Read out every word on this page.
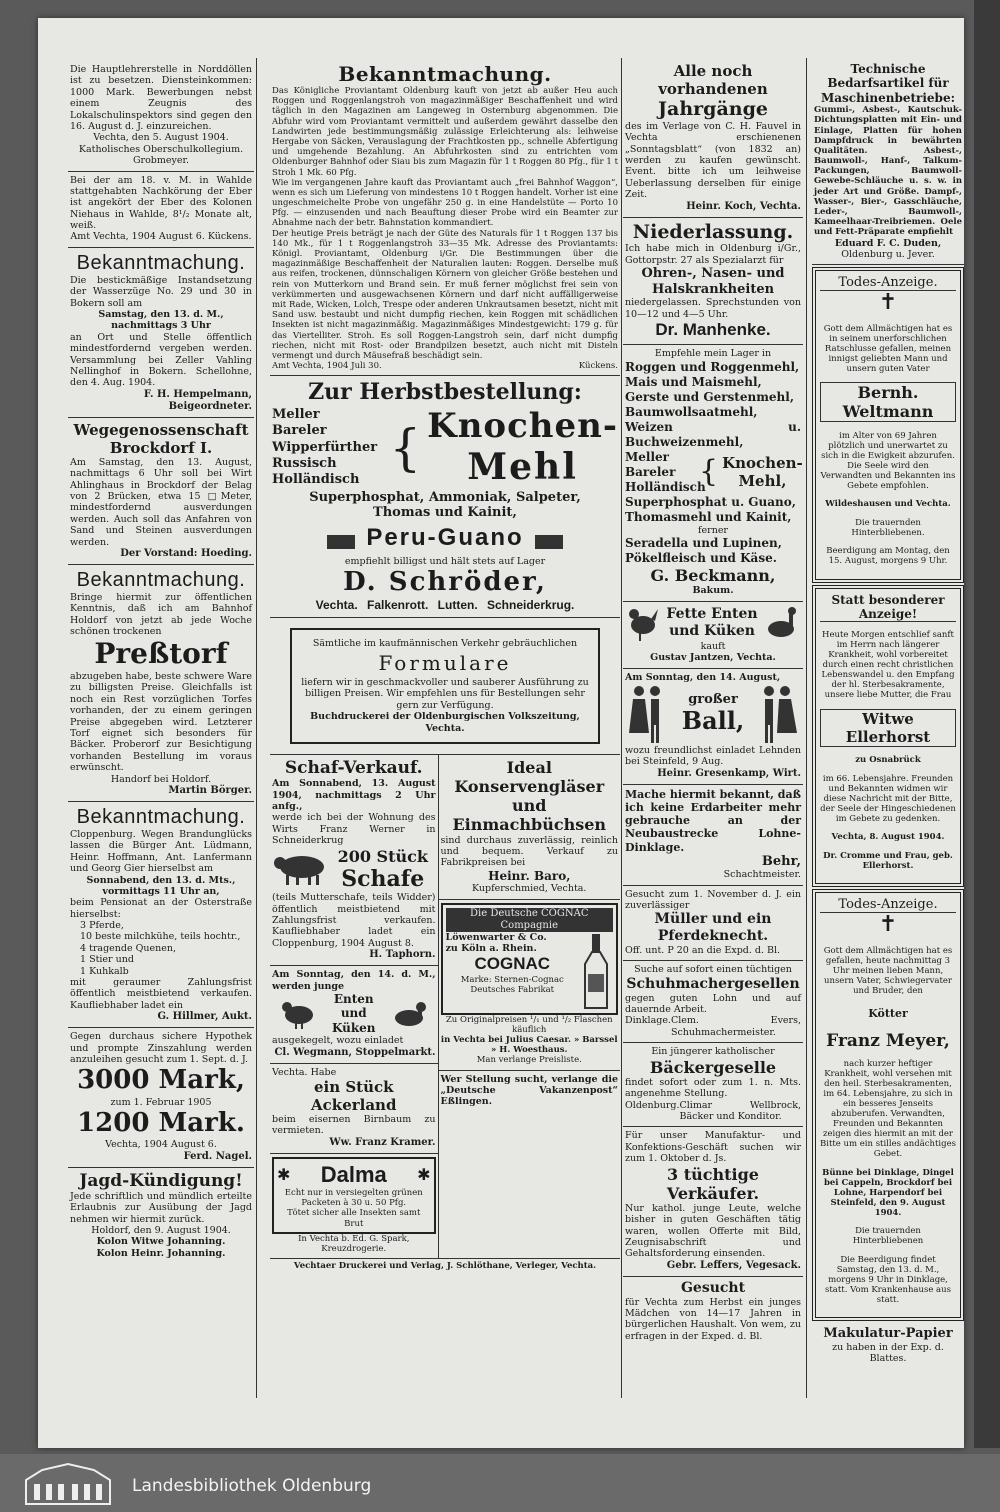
Die Hauptlehrerstelle in Norddöllen ist zu besetzen. Diensteinkommen: 1000 Mark. Bewerbungen nebst einem Zeugnis des Lokalschulinspektors sind gegen den 16. August d. J. einzureichen.

Vechta, den 5. August 1904.

Katholisches Oberschulkollegium. Grobmeyer.

Bei der am 18. v. M. in Wahlde stattgehabten Nachkörung der Eber ist angekört der Eber des Kolonen Niehaus in Wahlde, 8¹/₂ Monate alt, weiß.

Amt Vechta, 1904 August 6. Kückens.

Bekanntmachung.

Die bestickmäßige Instandsetzung der Wasserzüge No. 29 und 30 in Bokern soll am

Samstag, den 13. d. M., nachmittags 3 Uhr

an Ort und Stelle öffentlich mindestfordernd vergeben werden. Versammlung bei Zeller Vahling Nellinghof in Bokern. Schellohne, den 4. Aug. 1904.

F. H. Hempelmann, Beigeordneter.

Wegegenossenschaft Brockdorf I.

Am Samstag, den 13. August, nachmittags 6 Uhr soll bei Wirt Ahlinghaus in Brockdorf der Belag von 2 Brücken, etwa 15 □Meter, mindestfordernd ausverdungen werden. Auch soll das Anfahren von Sand und Steinen ausverdungen werden.

Der Vorstand: Hoeding.

Bekanntmachung.

Bringe hiermit zur öffentlichen Kenntnis, daß ich am Bahnhof Holdorf von jetzt ab jede Woche schönen trockenen

Preßtorf

abzugeben habe, beste schwere Ware zu billigsten Preise. Gleichfalls ist noch ein Rest vorzüglichen Torfes vorhanden, der zu einem geringen Preise abgegeben wird. Letzterer Torf eignet sich besonders für Bäcker. Proberorf zur Besichtigung vorhanden Bestellung im voraus erwünscht.

Handorf bei Holdorf.

Martin Börger.

Bekanntmachung.

Cloppenburg. Wegen Brandunglücks lassen die Bürger Ant. Lüdmann, Heinr. Hoffmann, Ant. Lanfermann und Georg Gier hierselbst am

Sonnabend, den 13. d. Mts., vormittags 11 Uhr an,

beim Pensionat an der Osterstraße hierselbst:

3 Pferde,

10 beste milchkühe, teils hochtr.,

4 tragende Quenen,

1 Stier und

1 Kuhkalb

mit geraumer Zahlungsfrist öffentlich meistbietend verkaufen. Kaufliebhaber ladet ein

G. Hillmer, Aukt.

Gegen durchaus sichere Hypothek und prompte Zinszahlung werden anzuleihen gesucht zum 1. Sept. d. J.

3000 Mark,

zum 1. Februar 1905

1200 Mark.

Vechta, 1904 August 6.

Ferd. Nagel.

Jagd-Kündigung!

Jede schriftlich und mündlich erteilte Erlaubnis zur Ausübung der Jagd nehmen wir hiermit zurück.

Holdorf, den 9. August 1904.

Kolon Witwe Johanning.

Kolon Heinr. Johanning.

Bekanntmachung.

Das Königliche Proviantamt Oldenburg kauft von jetzt ab außer Heu auch Roggen und Roggenlangstroh von magazinmäßiger Beschaffenheit und wird täglich in den Magazinen am Langeweg in Osternburg abgenommen. Die Abfuhr wird vom Proviantamt vermittelt und außerdem gewährt dasselbe den Landwirten jede bestimmungsmäßig zulässige Erleichterung als: leihweise Hergabe von Säcken, Verauslagung der Frachtkosten pp., schnelle Abfertigung und umgehende Bezahlung. An Abfuhrkosten sind zu entrichten vom Oldenburger Bahnhof oder Siau bis zum Magazin für 1 t Roggen 80 Pfg., für 1 t Stroh 1 Mk. 60 Pfg.

Wie im vergangenen Jahre kauft das Proviantamt auch „frei Bahnhof Waggon“, wenn es sich um Lieferung von mindestens 10 t Roggen handelt. Vorher ist eine ungeschmeichelte Probe von ungefähr 250 g. in eine Handelstüte — Porto 10 Pfg. — einzusenden und nach Beauftung dieser Probe wird ein Beamter zur Abnahme nach der betr. Bahnstation kommandiert.

Der heutige Preis beträgt je nach der Güte des Naturals für 1 t Roggen 137 bis 140 Mk., für 1 t Roggenlangstroh 33—35 Mk. Adresse des Proviantamts: Königl. Proviantamt, Oldenburg i/Gr. Die Bestimmungen über die magazinmäßige Beschaffenheit der Naturalien lauten: Roggen. Derselbe muß aus reifen, trockenen, dünnschaligen Körnern von gleicher Größe bestehen und rein von Mutterkorn und Brand sein. Er muß ferner möglichst frei sein von verkümmerten und ausgewachsenen Körnern und darf nicht auffälligerweise mit Rade, Wicken, Lolch, Trespe oder anderen Unkrautsamen besetzt, nicht mit Sand usw. bestaubt und nicht dumpfig riechen, kein Roggen mit schädlichen Insekten ist nicht magazinmäßig. Magazinmäßiges Mindestgewicht: 179 g. für das Viertelliter. Stroh. Es soll Roggen-Langstroh sein, darf nicht dumpfig riechen, nicht mit Rost- oder Brandpilzen besetzt, auch nicht mit Disteln vermengt und durch Mäusefraß beschädigt sein.

Amt Vechta, 1904 Juli 30.	Kückens.

Zur Herbstbestellung:
Meller
Bareler
Wipperfürther
Russisch
Holländisch
{ Knochen-
Mehl
Superphosphat, Ammoniak, Salpeter,
Thomas und Kainit,
Peru-Guano
empfiehlt billigst und hält stets auf Lager
D. Schröder,
Vechta. Falkenrott. Lutten. Schneiderkrug.

Sämtliche im kaufmännischen Verkehr gebräuchlichen

Formulare

liefern wir in geschmackvoller und sauberer Ausführung zu billigen Preisen. Wir empfehlen uns für Bestellungen sehr gern zur Verfügung.

Buchdruckerei der Oldenburgischen Volkszeitung, Vechta.

Schaf-Verkauf.

Am Sonnabend, 13. August 1904, nachmittags 2 Uhr anfg.,

werde ich bei der Wohnung des Wirts Franz Werner in Schneiderkrug

200 Stück
Schafe

(teils Mutterschafe, teils Widder) öffentlich meistbietend mit Zahlungsfrist verkaufen. Kaufliebhaber ladet ein Cloppenburg, 1904 August 8.

H. Taphorn.

Am Sonntag, den 14. d. M., werden junge

Enten und Küken

ausgekegelt, wozu einladet

Cl. Wegmann, Stoppelmarkt.

Vechta. Habe

ein Stück Ackerland

beim eisernen Birnbaum zu vermieten.

Ww. Franz Kramer.

✱ Dalma ✱

Echt nur in versiegelten grünen Packeten à 30 u. 50 Pfg.

Tötet sicher alle Insekten samt Brut

In Vechta b. Ed. G. Spark, Kreuzdrogerie.

Ideal
Konservengläser und Einmachbüchsen

sind durchaus zuverlässig, reinlich und bequem. Verkauf zu Fabrikpreisen bei

Heinr. Baro,

Kupferschmied, Vechta.

Die Deutsche COGNAC Compagnie

Löwenwarter & Co.

zu Köln a. Rhein.

COGNAC

Marke: Sternen-Cognac Deutsches Fabrikat

Zu Originalpreisen ¹/₁ und ¹/₂ Flaschen käuflich

in Vechta bei Julius Caesar. » Barssel » H. Woesthaus.

Man verlange Preisliste.

Wer Stellung sucht, verlange die „Deutsche Vakanzenpost“ Eßlingen.

Vechtaer Druckerei und Verlag, J. Schlöthane, Verleger, Vechta.
Alle noch vorhandenen
Jahrgänge

des im Verlage von C. H. Fauvel in Vechta erschienenen „Sonntagsblatt“ (von 1832 an) werden zu kaufen gewünscht. Event. bitte ich um leihweise Ueberlassung derselben für einige Zeit.

Heinr. Koch, Vechta.

Niederlassung.

Ich habe mich in Oldenburg i/Gr., Gottorpstr. 27 als Spezialarzt für

Ohren-, Nasen- und Halskrankheiten

niedergelassen. Sprechstunden von 10—12 und 4—5 Uhr.

Dr. Manhenke.

Empfehle mein Lager in

Roggen und Roggenmehl,
Mais und Maismehl,
Gerste und Gerstenmehl,
Baumwollsaatmehl,
Weizen u. Buchweizenmehl,
Meller
Bareler
Holländisch
{ Knochen-
Mehl,
Superphosphat u. Guano,
Thomasmehl und Kainit,

ferner

Seradella und Lupinen,
Pökelfleisch und Käse.
G. Beckmann,
Bakum.
Fette Enten und Küken

kauft

Gustav Jantzen, Vechta.

Am Sonntag, den 14. August,

großer
Ball,

wozu freundlichst einladet Lehnden bei Steinfeld, 9 Aug.

Heinr. Gresenkamp, Wirt.

Mache hiermit bekannt, daß ich keine Erdarbeiter mehr gebrauche an der Neubaustrecke Lohne-Dinklage.

Behr,

Schachtmeister.

Gesucht zum 1. November d. J. ein zuverlässiger

Müller und ein Pferdeknecht.

Off. unt. P 20 an die Expd. d. Bl.

Suche auf sofort einen tüchtigen

Schuhmachergesellen

gegen guten Lohn und auf dauernde Arbeit.

Dinklage. Clem. Evers, Schuhmachermeister.

Ein jüngerer katholischer

Bäckergeselle

findet sofort oder zum 1. n. Mts. angenehme Stellung.

Oldenburg. Climar Wellbrock, Bäcker und Konditor.

Für unser Manufaktur- und Konfektions-Geschäft suchen wir zum 1. Oktober d. Js.

3 tüchtige Verkäufer.

Nur kathol. junge Leute, welche bisher in guten Geschäften tätig waren, wollen Offerte mit Bild, Zeugnisabschrift und Gehaltsforderung einsenden.

Gebr. Leffers, Vegesack.

Gesucht

für Vechta zum Herbst ein junges Mädchen von 14—17 Jahren in bürgerlichen Haushalt. Von wem, zu erfragen in der Exped. d. Bl.

Technische Bedarfsartikel für Maschinenbetriebe:

Gummi-, Asbest-, Kautschuk-Dichtungsplatten mit Ein- und Einlage, Platten für hohen Dampfdruck in bewährten Qualitäten. Asbest-, Baumwoll-, Hanf-, Talkum-Packungen, Baumwoll-Gewebe-Schläuche u. s. w. in jeder Art und Größe. Dampf-, Wasser-, Bier-, Gasschläuche, Leder-, Baumwoll-, Kameelhaar-Treibriemen. Oele und Fett-Präparate empfiehlt

Eduard F. C. Duden,

Oldenburg u. Jever.

Todes-Anzeige.
✝

Gott dem Allmächtigen hat es in seinem unerforschlichen Ratschlusse gefallen, meinen innigst geliebten Mann und unsern guten Vater

Bernh. Weltmann

im Alter von 69 Jahren plötzlich und unerwartet zu sich in die Ewigkeit abzurufen. Die Seele wird den Verwandten und Bekannten ins Gebete empfohlen.

Wildeshausen und Vechta.

Die trauernden Hinterbliebenen.

Beerdigung am Montag, den 15. August, morgens 9 Uhr.

Statt besonderer Anzeige!

Heute Morgen entschlief sanft im Herrn nach längerer Krankheit, wohl vorbereitet durch einen recht christlichen Lebenswandel u. den Empfang der hl. Sterbesakramente, unsere liebe Mutter, die Frau

Witwe Ellerhorst

zu Osnabrück

im 66. Lebensjahre. Freunden und Bekannten widmen wir diese Nachricht mit der Bitte, der Seele der Hingeschiedenen im Gebete zu gedenken.

Vechta, 8. August 1904.

Dr. Cromme und Frau, geb. Ellerhorst.

Todes-Anzeige.
✝

Gott dem Allmächtigen hat es gefallen, heute nachmittag 3 Uhr meinen lieben Mann, unsern Vater, Schwiegervater und Bruder, den

Kötter

Franz Meyer,

nach kurzer heftiger Krankheit, wohl versehen mit den heil. Sterbesakramenten, im 64. Lebensjahre, zu sich in ein besseres Jenseits abzuberufen. Verwandten, Freunden und Bekannten zeigen dies hiermit an mit der Bitte um ein stilles andächtiges Gebet.

Bünne bei Dinklage, Dingel bei Cappeln, Brockdorf bei Lohne, Harpendorf bei Steinfeld, den 9. August 1904.

Die trauernden Hinterbliebenen

Die Beerdigung findet Samstag, den 13. d. M., morgens 9 Uhr in Dinklage, statt. Vom Krankenhause aus statt.

Makulatur-Papier

zu haben in der Exp. d. Blattes.

Landesbibliothek Oldenburg
